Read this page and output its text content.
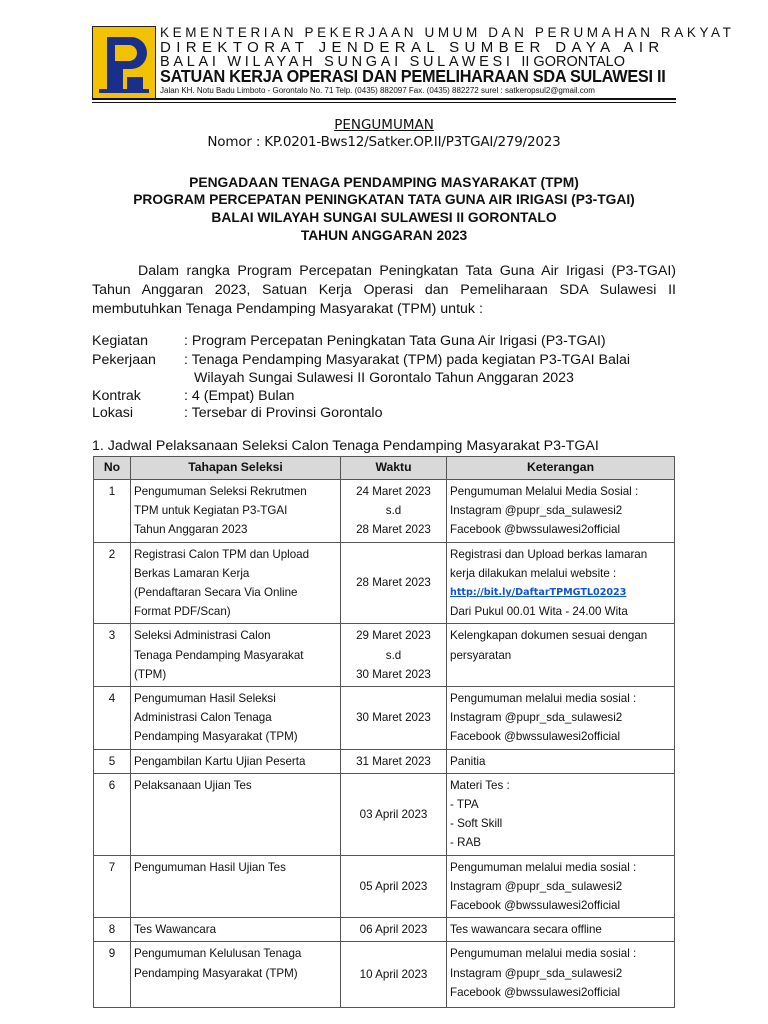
KEMENTERIAN PEKERJAAN UMUM DAN PERUMAHAN RAKYAT
DIREKTORAT JENDERAL SUMBER DAYA AIR
BALAI WILAYAH SUNGAI SULAWESI II GORONTALO
SATUAN KERJA OPERASI DAN PEMELIHARAAN SDA SULAWESI II
Jalan KH. Notu Badu Limboto - Gorontalo No. 71 Telp. (0435) 882097 Fax. (0435) 882272 surel : satkeropsul2@gmail.com
PENGUMUMAN
Nomor : KP.0201-Bws12/Satker.OP.II/P3TGAI/279/2023
PENGADAAN TENAGA PENDAMPING MASYARAKAT (TPM)
PROGRAM PERCEPATAN PENINGKATAN TATA GUNA AIR IRIGASI (P3-TGAI)
BALAI WILAYAH SUNGAI SULAWESI II GORONTALO
TAHUN ANGGARAN 2023

Dalam rangka Program Percepatan Peningkatan Tata Guna Air Irigasi (P3-TGAI) Tahun Anggaran 2023, Satuan Kerja Operasi dan Pemeliharaan SDA Sulawesi II membutuhkan Tenaga Pendamping Masyarakat (TPM) untuk :

Kegiatan	: Program Percepatan Peningkatan Tata Guna Air Irigasi (P3-TGAI)
Pekerjaan : Tenaga Pendamping Masyarakat (TPM) pada kegiatan P3-TGAI Balai
Wilayah Sungai Sulawesi II Gorontalo Tahun Anggaran 2023
Kontrak	: 4 (Empat) Bulan
Lokasi	: Tersebar di Provinsi Gorontalo
1. Jadwal Pelaksanaan Seleksi Calon Tenaga Pendamping Masyarakat P3-TGAI
No	Tahapan Seleksi	Waktu	Keterangan
1	Pengumuman Seleksi Rekrutmen
TPM untuk Kegiatan P3-TGAI
Tahun Anggaran 2023	24 Maret 2023
s.d
28 Maret 2023	Pengumuman Melalui Media Sosial :
Instagram @pupr_sda_sulawesi2
Facebook @bwssulawesi2official

2	Registrasi Calon TPM dan Upload
Berkas Lamaran Kerja
(Pendaftaran Secara Via Online
Format PDF/Scan)	28 Maret 2023	Registrasi dan Upload berkas lamaran
kerja dilakukan melalui website :
http://bit.ly/DaftarTPMGTL02023
Dari Pukul 00.01 Wita - 24.00 Wita

3	Seleksi Administrasi Calon
Tenaga Pendamping Masyarakat
(TPM)	29 Maret 2023
s.d
30 Maret 2023	Kelengkapan dokumen sesuai dengan
persyaratan

4	Pengumuman Hasil Seleksi
Administrasi Calon Tenaga
Pendamping Masyarakat (TPM)	30 Maret 2023	Pengumuman melalui media sosial :
Instagram @pupr_sda_sulawesi2
Facebook @bwssulawesi2official

5	Pengambilan Kartu Ujian Peserta	31 Maret 2023	Panitia

6	Pelaksanaan Ujian Tes	03 April 2023	Materi Tes :
- TPA
- Soft Skill
- RAB

7	Pengumuman Hasil Ujian Tes	05 April 2023	Pengumuman melalui media sosial :
Instagram @pupr_sda_sulawesi2
Facebook @bwssulawesi2official

8	Tes Wawancara	06 April 2023	Tes wawancara secara offline

9	Pengumuman Kelulusan Tenaga
Pendamping Masyarakat (TPM)	10 April 2023	Pengumuman melalui media sosial :
Instagram @pupr_sda_sulawesi2
Facebook @bwssulawesi2official
